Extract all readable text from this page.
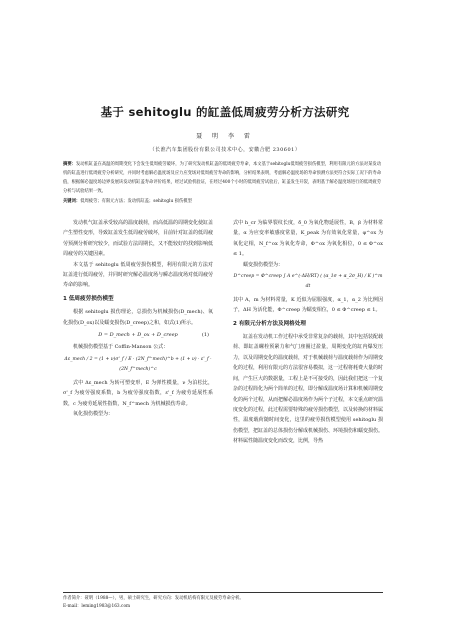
基于 sehitoglu 的缸盖低周疲劳分析方法研究
聂 明 李 雷
（长淮汽车集团股份有限公司技术中心，安徽合肥 230601）
摘要：发动机缸盖在高温的周期变化下会发生低周疲劳破坏，为了研究发动机缸盖的低周疲劳寿命，本文基于sehitoglu低周疲劳损伤模型，利用有限元的方法对某发动机的缸盖进行低周疲劳分析研究，并同时考虑解必温度场及应力应变场对低周疲劳寿命的影响，分析结果表明，考虑解必温度场的寿命预测方法更符合实际工况下的寿命值，根据解必温度场边界发展该发动机缸盖寿命评价结果，经过试验机验证，在经过400个小时的低周疲劳试验后，缸盖发生开裂，表明基于解必温度场进行的低周疲劳分析与试验结果一致。
关键词：低周疲劳；有限元方法；发动机缸盖；sehitoglu 损伤模型

发动机气缸盖承受较高的温度载荷，而高低温的周期变化使缸盖产生塑性变形，导致缸盖发生低周疲劳破坏，目前针对缸盖的低周疲劳预测分析研究较少，而试验方法周期长，又不能较好的找到影响低周疲劳的关键因素。

本文基于 sehitoglu 低周疲劳损伤模型，利用有限元的方法对缸盖进行低周疲劳，并同时研究解必温度场与瞬态温度场对低周疲劳寿命的影响。

1 低周疲劳损伤模型

根据 sehitoglu 损伤理论，总损伤为机械损伤(D_mech)、氧化损伤(D_ox)以及蠕变损伤(D_creep)之和，如式(1)所示。

D = D_mech + D_ox + D_creep	(1)

机械损伤模型基于 Coffin-Manson 公式：

Δε_mech / 2 = (1 + ν)σ'_f / E · (2N_f^mech)^b + (1 + ν) · ε'_f · (2N_f^mech)^c

式中 Δε_mech 为转可塑变形，E 为弹性模量，ν 为泊松比，σ'_f 为疲劳强度系数，b 为疲劳强度指数，ε'_f 为疲劳延展性系数，c 为疲劳延展性指数，N_f^mech 为机械损伤寿命。

氧化损伤模型为：

式中 h_cr 为临界裂纹长度，δ_0 为氧化物延展性，B，β 为材料常量，α 为应变率敏感度常量，K_peak 为有效氧化常量，φ^ox 为氧化定相，N_f^ox 为氧化寿命，Φ^ox 为氧化相位，0 ≤ Φ^ox ≤ 1。

蠕变损伤模型为：

D^creep = Φ^creep ∫ A e^(-ΔH/RT) ( (α_1σ + α_2σ_H) / K )^m dt

其中 A，m 为材料常量，K 近似为屈服强度，α_1，α_2 为比例因子，ΔH 为活化能，Φ^creep 为蠕变相位，0 ≤ Φ^creep ≤ 1。

2 有限元分析方法及网格处理

缸盖在发动机工作过程中承受非常复杂的载荷，其中包括装配载荷、即缸盖螺栓预紧力和气门座圈过盈量，周期变化的缸内爆发压力，以及周期变化的温度载荷，对于机械载荷与温度载荷作为周期变化的过程，利用有限元的方法很容易模拟，这一过程将耗费大量的时间，产生巨大的数据量，工程上是不可接受的，因此我们把这一个复杂的过程简化为两个简单的过程，即分解成温度场计算和机械周期变化的两个过程，从而把解必温度场作为两个子过程，本文重点研究温度变化的过程，此过程需要特殊的疲劳损伤模型，以及转换的材料属性，温度载荷随时间变化，这里的疲劳损伤模型使用 sehitoglu 损伤模型，把缸盖的总体损伤分解成机械损伤、环境损伤和蠕变损伤。材料属性随温度变化而改变，比例，导热

作者简介：聂明（1988—），男，硕士研究生，研究方向：发动机结构有限元及疲劳寿命分析。
E-mail：leming1983@163.com
